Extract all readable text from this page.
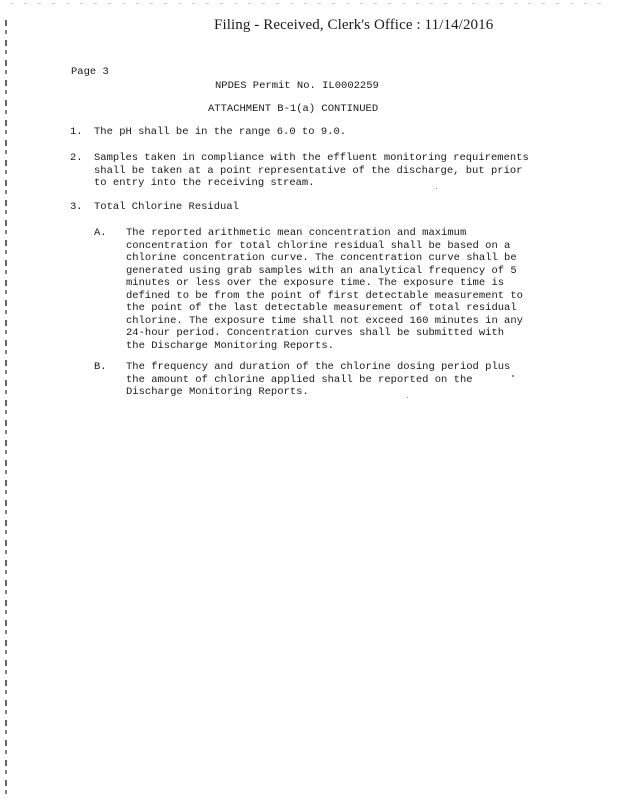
Filing - Received, Clerk's Office : 11/14/2016
Page 3
NPDES Permit No. IL0002259
ATTACHMENT B-1(a) CONTINUED
1. The pH shall be in the range 6.0 to 9.0.
2. Samples taken in compliance with the effluent monitoring requirements
shall be taken at a point representative of the discharge, but prior
to entry into the receiving stream.
3. Total Chlorine Residual
A. The reported arithmetic mean concentration and maximum
concentration for total chlorine residual shall be based on a
chlorine concentration curve. The concentration curve shall be
generated using grab samples with an analytical frequency of 5
minutes or less over the exposure time. The exposure time is
defined to be from the point of first detectable measurement to
the point of the last detectable measurement of total residual
chlorine. The exposure time shall not exceed 160 minutes in any
24-hour period. Concentration curves shall be submitted with
the Discharge Monitoring Reports.
B. The frequency and duration of the chlorine dosing period plus
the amount of chlorine applied shall be reported on the
Discharge Monitoring Reports.
